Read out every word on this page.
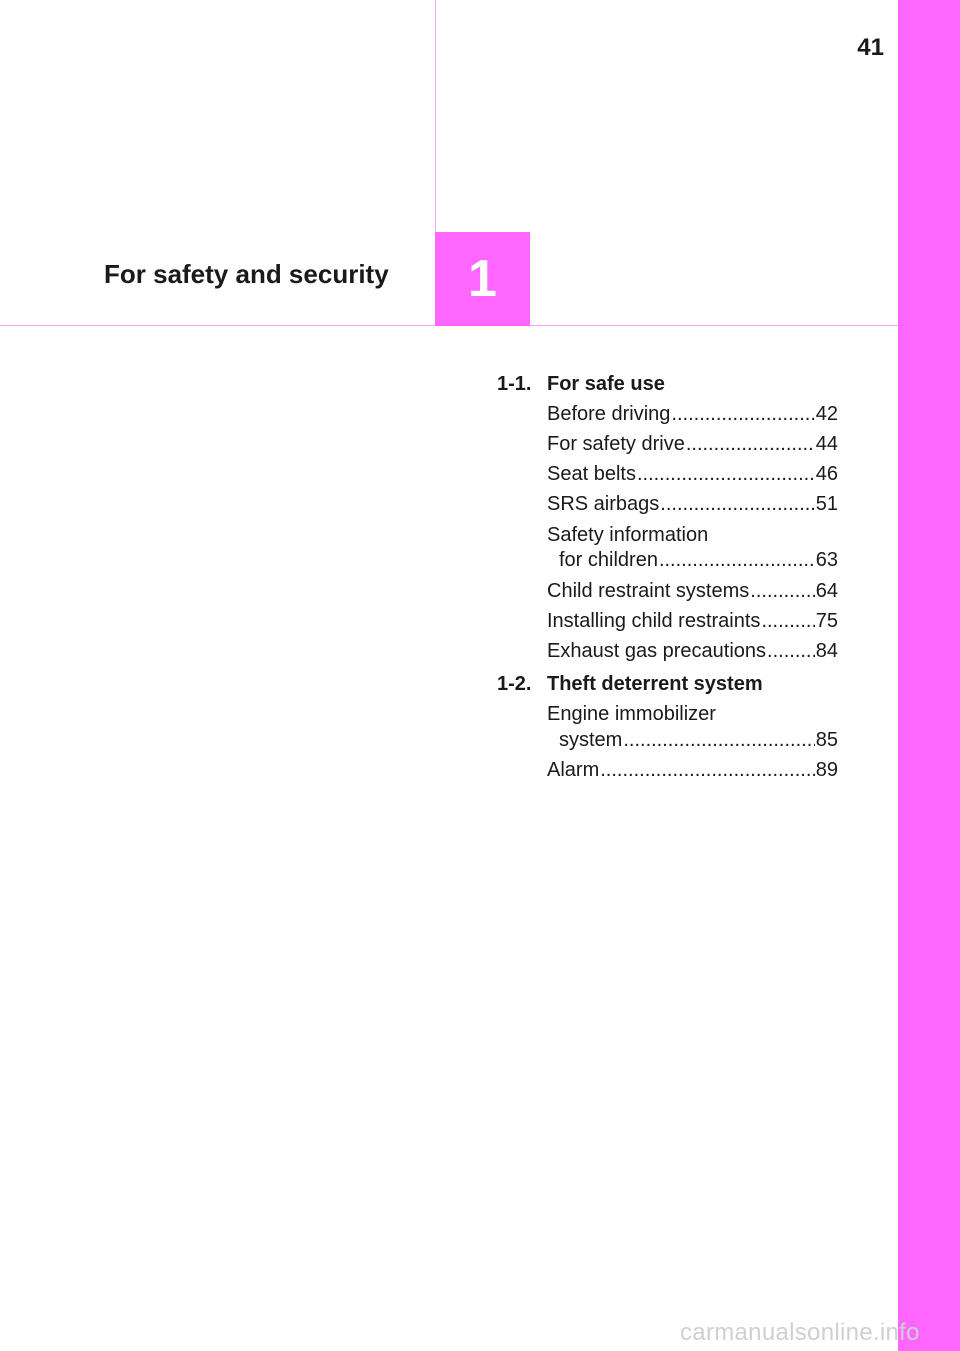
41
For safety and security 1
1-1. For safe use
Before driving .....	42
For safety drive .....	44
Seat belts .....	46
SRS airbags .....	51
Safety information
for children .....	63
Child restraint systems .....	64
Installing child restraints .....	75
Exhaust gas precautions ..... 84
1-2. Theft deterrent system
Engine immobilizer
system .....	85
Alarm .....	89
carmanualsonline.info
